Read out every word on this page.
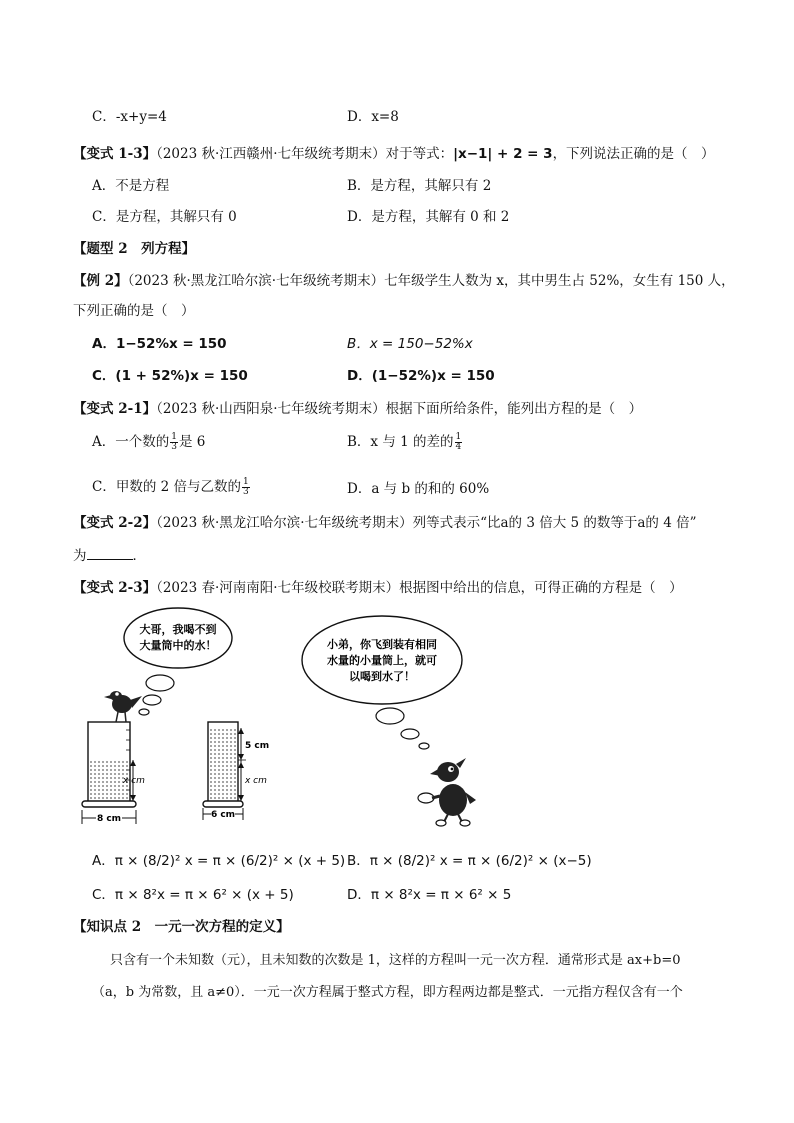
C．-x+y=4	D．x=8
【变式 1-3】（2023 秋·江西赣州·七年级统考期末）对于等式：|x−1| + 2 = 3，下列说法正确的是（　）
A．不是方程	B．是方程，其解只有 2
C．是方程，其解只有 0	D．是方程，其解有 0 和 2
【题型 2　列方程】
【例 2】（2023 秋·黑龙江哈尔滨·七年级统考期末）七年级学生人数为 x，其中男生占 52%，女生有 150 人，
下列正确的是（　）
A．1−52%x = 150	B．x = 150−52%x
C．(1 + 52%)x = 150	D．(1−52%)x = 150
【变式 2-1】（2023 秋·山西阳泉·七年级统考期末）根据下面所给条件，能列出方程的是（　）
A．一个数的 $\frac{1}{3}$ 是 6	B．x 与 1 的差的 $\frac{1}{4}$
C．甲数的 2 倍与乙数的 $\frac{1}{3}$	D．a 与 b 的和的 60%
【变式 2-2】（2023 秋·黑龙江哈尔滨·七年级统考期末）列等式表示“比a的 3 倍大 5 的数等于a的 4 倍”
为	．
【变式 2-3】（2023 春·河南南阳·七年级校联考期末）根据图中给出的信息，可得正确的方程是（　）
大哥，我喝不到
大量筒中的水！	小弟，你飞到装有相同
水量的小量筒上，就可
以喝到水了！
x cm
8 cm
5 cm
x cm
6 cm
A．π × (8/2)² x = π × (6/2)² × (x + 5) B．π × (8/2)² x = π × (6/2)² × (x−5)
C．π × 8²x = π × 6² × (x + 5)	D．π × 8²x = π × 6² × 5
【知识点 2　一元一次方程的定义】
只含有一个未知数（元），且未知数的次数是 1，这样的方程叫一元一次方程．通常形式是 ax+b=0
（a，b 为常数，且 a≠0）．一元一次方程属于整式方程，即方程两边都是整式．一元指方程仅含有一个
